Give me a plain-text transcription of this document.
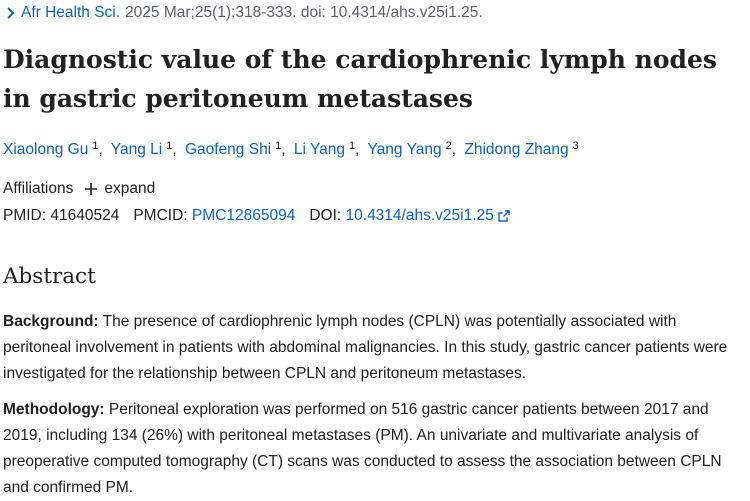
Afr Health Sci. 2025 Mar;25(1):318-333. doi: 10.4314/ahs.v25i1.25.
Diagnostic value of the cardiophrenic lymph nodes in gastric peritoneum metastases
Xiaolong Gu $^1$, Yang Li $^1$, Gaofeng Shi $^1$, Li Yang $^1$, Yang Yang $^2$, Zhidong Zhang $^3$
Affiliations expand
PMID:
41640524 PMCID:
PMC12865094 DOI:
10.4314/ahs.v25i1.25
Abstract

Background: The presence of cardiophrenic lymph nodes (CPLN) was potentially associated with peritoneal involvement in patients with abdominal malignancies. In this study, gastric cancer patients were investigated for the relationship between CPLN and peritoneum metastases.

Methodology: Peritoneal exploration was performed on 516 gastric cancer patients between 2017 and 2019, including 134 (26%) with peritoneal metastases (PM). An univariate and multivariate analysis of preoperative computed tomography (CT) scans was conducted to assess the association between CPLN and confirmed PM.
